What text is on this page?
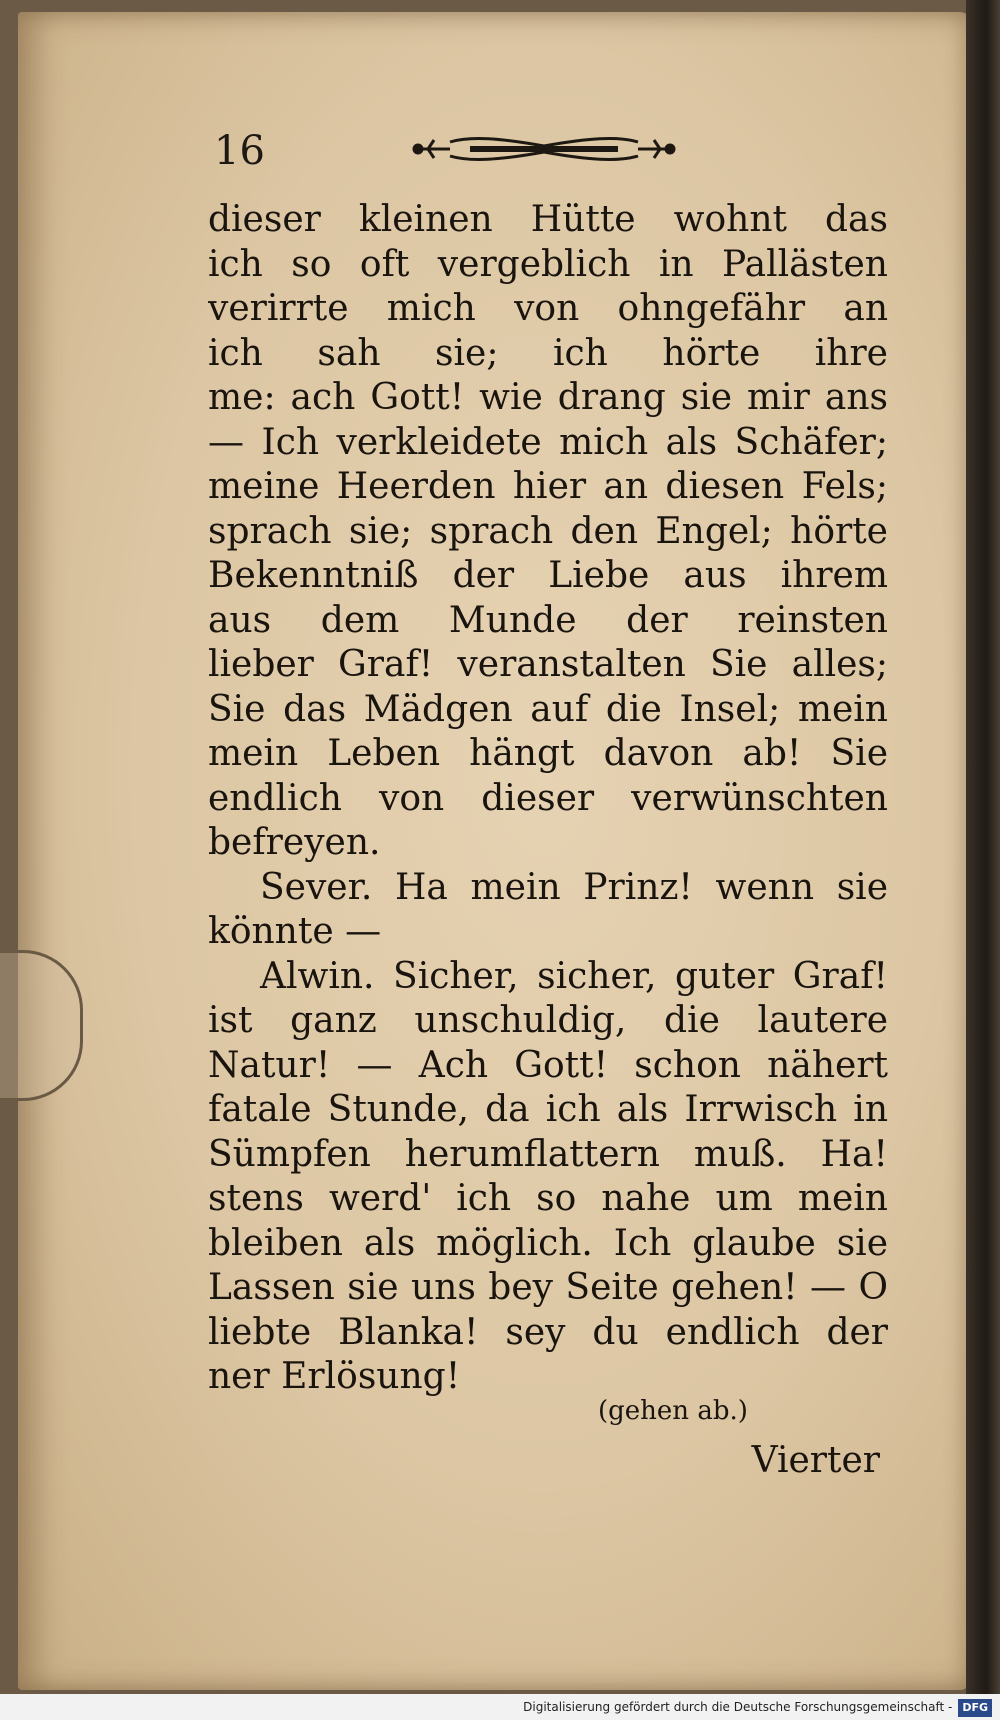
16
dieser kleinen Hütte wohnt das
ich so oft vergeblich in Pallästen
verirrte mich von ohngefähr an
ich sah sie; ich hörte ihre
me: ach Gott! wie drang sie mir ans
— Ich verkleidete mich als Schäfer;
meine Heerden hier an diesen Fels;
sprach sie; sprach den Engel; hörte
Bekenntniß der Liebe aus ihrem
aus dem Munde der reinsten
lieber Graf! veranstalten Sie alles;
Sie das Mädgen auf die Insel; mein
mein Leben hängt davon ab! Sie
endlich von dieser verwünschten
befreyen.
Sever. Ha mein Prinz! wenn sie
könnte —
Alwin. Sicher, sicher, guter Graf!
ist ganz unschuldig, die lautere
Natur! — Ach Gott! schon nähert
fatale Stunde, da ich als Irrwisch in
Sümpfen herumflattern muß. Ha!
stens werd' ich so nahe um mein
bleiben als möglich. Ich glaube sie
Lassen sie uns bey Seite gehen! — O
liebte Blanka! sey du endlich der
ner Erlösung!
(gehen ab.)
Vierter
Digitalisierung gefördert durch die Deutsche Forschungsgemeinschaft - DFG
